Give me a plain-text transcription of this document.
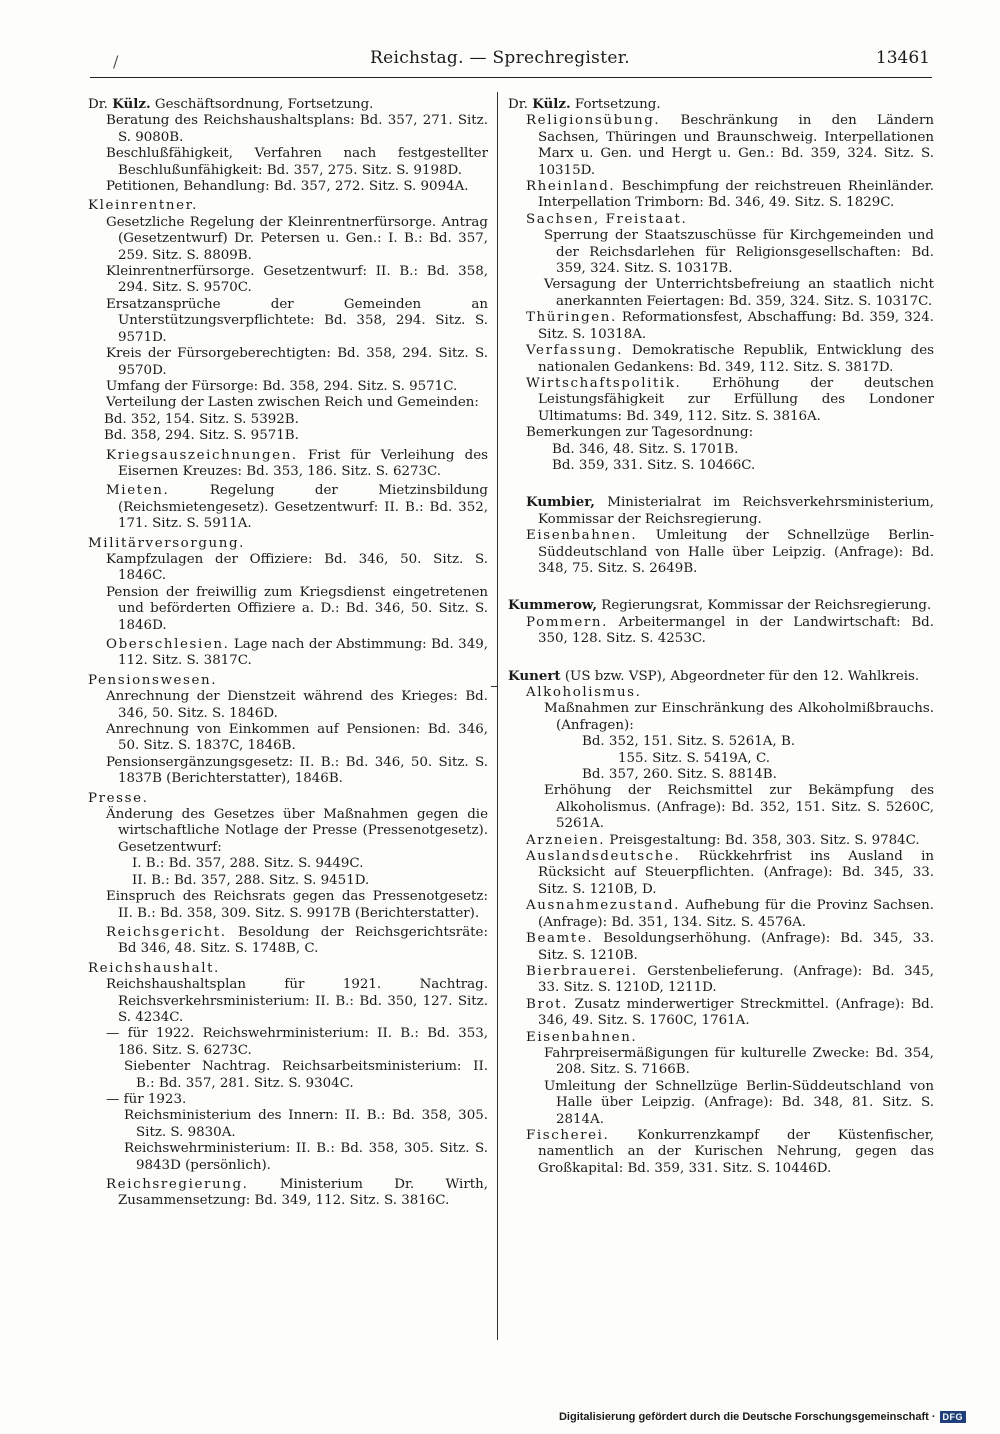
/	Reichstag. — Sprechregister.	13461

Dr. Külz. Geschäftsordnung, Fortsetzung.

Beratung des Reichshaushaltsplans: Bd. 357, 271. Sitz. S. 9080B.

Beschlußfähigkeit, Verfahren nach festgestellter Beschlußunfähigkeit: Bd. 357, 275. Sitz. S. 9198D.

Petitionen, Behandlung: Bd. 357, 272. Sitz. S. 9094A.

Kleinrentner.

Gesetzliche Regelung der Kleinrentnerfürsorge. Antrag (Gesetzentwurf) Dr. Petersen u. Gen.: I. B.: Bd. 357, 259. Sitz. S. 8809B.

Kleinrentnerfürsorge. Gesetzentwurf: II. B.: Bd. 358, 294. Sitz. S. 9570C.

Ersatzansprüche der Gemeinden an Unterstützungsverpflichtete: Bd. 358, 294. Sitz. S. 9571D.

Kreis der Fürsorgeberechtigten: Bd. 358, 294. Sitz. S. 9570D.

Umfang der Fürsorge: Bd. 358, 294. Sitz. S. 9571C.

Verteilung der Lasten zwischen Reich und Gemeinden:

Bd. 352, 154. Sitz. S. 5392B.

Bd. 358, 294. Sitz. S. 9571B.

Kriegsauszeichnungen. Frist für Verleihung des Eisernen Kreuzes: Bd. 353, 186. Sitz. S. 6273C.

Mieten. Regelung der Mietzinsbildung (Reichsmietengesetz). Gesetzentwurf: II. B.: Bd. 352, 171. Sitz. S. 5911A.

Militärversorgung.

Kampfzulagen der Offiziere: Bd. 346, 50. Sitz. S. 1846C.

Pension der freiwillig zum Kriegsdienst eingetretenen und beförderten Offiziere a. D.: Bd. 346, 50. Sitz. S. 1846D.

Oberschlesien. Lage nach der Abstimmung: Bd. 349, 112. Sitz. S. 3817C.

Pensionswesen.

Anrechnung der Dienstzeit während des Krieges: Bd. 346, 50. Sitz. S. 1846D.

Anrechnung von Einkommen auf Pensionen: Bd. 346, 50. Sitz. S. 1837C, 1846B.

Pensionsergänzungsgesetz: II. B.: Bd. 346, 50. Sitz. S. 1837B (Berichterstatter), 1846B.

Presse.

Änderung des Gesetzes über Maßnahmen gegen die wirtschaftliche Notlage der Presse (Pressenotgesetz). Gesetzentwurf:

I. B.: Bd. 357, 288. Sitz. S. 9449C.

II. B.: Bd. 357, 288. Sitz. S. 9451D.

Einspruch des Reichsrats gegen das Pressenotgesetz: II. B.: Bd. 358, 309. Sitz. S. 9917B (Berichterstatter).

Reichsgericht. Besoldung der Reichsgerichtsräte: Bd 346, 48. Sitz. S. 1748B, C.

Reichshaushalt.

Reichshaushaltsplan für 1921. Nachtrag. Reichsverkehrsministerium: II. B.: Bd. 350, 127. Sitz. S. 4234C.

— für 1922. Reichswehrministerium: II. B.: Bd. 353, 186. Sitz. S. 6273C.

Siebenter Nachtrag. Reichsarbeitsministerium: II. B.: Bd. 357, 281. Sitz. S. 9304C.

— für 1923.

Reichsministerium des Innern: II. B.: Bd. 358, 305. Sitz. S. 9830A.

Reichswehrministerium: II. B.: Bd. 358, 305. Sitz. S. 9843D (persönlich).

Reichsregierung. Ministerium Dr. Wirth, Zusammensetzung: Bd. 349, 112. Sitz. S. 3816C.

Dr. Külz. Fortsetzung.

Religionsübung. Beschränkung in den Ländern Sachsen, Thüringen und Braunschweig. Interpellationen Marx u. Gen. und Hergt u. Gen.: Bd. 359, 324. Sitz. S. 10315D.

Rheinland. Beschimpfung der reichstreuen Rheinländer. Interpellation Trimborn: Bd. 346, 49. Sitz. S. 1829C.

Sachsen, Freistaat.

Sperrung der Staatszuschüsse für Kirchgemeinden und der Reichsdarlehen für Religionsgesellschaften: Bd. 359, 324. Sitz. S. 10317B.

Versagung der Unterrichtsbefreiung an staatlich nicht anerkannten Feiertagen: Bd. 359, 324. Sitz. S. 10317C.

Thüringen. Reformationsfest, Abschaffung: Bd. 359, 324. Sitz. S. 10318A.

Verfassung. Demokratische Republik, Entwicklung des nationalen Gedankens: Bd. 349, 112. Sitz. S. 3817D.

Wirtschaftspolitik. Erhöhung der deutschen Leistungsfähigkeit zur Erfüllung des Londoner Ultimatums: Bd. 349, 112. Sitz. S. 3816A.

Bemerkungen zur Tagesordnung:

Bd. 346, 48. Sitz. S. 1701B.

Bd. 359, 331. Sitz. S. 10466C.

Kumbier, Ministerialrat im Reichsverkehrsministerium, Kommissar der Reichsregierung.

Eisenbahnen. Umleitung der Schnellzüge Berlin-Süddeutschland von Halle über Leipzig. (Anfrage): Bd. 348, 75. Sitz. S. 2649B.

Kummerow, Regierungsrat, Kommissar der Reichsregierung.

Pommern. Arbeitermangel in der Landwirtschaft: Bd. 350, 128. Sitz. S. 4253C.

Kunert (US bzw. VSP), Abgeordneter für den 12. Wahlkreis.

Alkoholismus.

Maßnahmen zur Einschränkung des Alkoholmißbrauchs. (Anfragen):

Bd. 352, 151. Sitz. S. 5261A, B.

155. Sitz. S. 5419A, C.

Bd. 357, 260. Sitz. S. 8814B.

Erhöhung der Reichsmittel zur Bekämpfung des Alkoholismus. (Anfrage): Bd. 352, 151. Sitz. S. 5260C, 5261A.

Arzneien. Preisgestaltung: Bd. 358, 303. Sitz. S. 9784C.

Auslandsdeutsche. Rückkehrfrist ins Ausland in Rücksicht auf Steuerpflichten. (Anfrage): Bd. 345, 33. Sitz. S. 1210B, D.

Ausnahmezustand. Aufhebung für die Provinz Sachsen. (Anfrage): Bd. 351, 134. Sitz. S. 4576A.

Beamte. Besoldungserhöhung. (Anfrage): Bd. 345, 33. Sitz. S. 1210B.

Bierbrauerei. Gerstenbelieferung. (Anfrage): Bd. 345, 33. Sitz. S. 1210D, 1211D.

Brot. Zusatz minderwertiger Streckmittel. (Anfrage): Bd. 346, 49. Sitz. S. 1760C, 1761A.

Eisenbahnen.

Fahrpreisermäßigungen für kulturelle Zwecke: Bd. 354, 208. Sitz. S. 7166B.

Umleitung der Schnellzüge Berlin-Süddeutschland von Halle über Leipzig. (Anfrage): Bd. 348, 81. Sitz. S. 2814A.

Fischerei. Konkurrenzkampf der Küstenfischer, namentlich an der Kurischen Nehrung, gegen das Großkapital: Bd. 359, 331. Sitz. S. 10446D.

Digitalisierung gefördert durch die Deutsche Forschungsgemeinschaft · DFG
